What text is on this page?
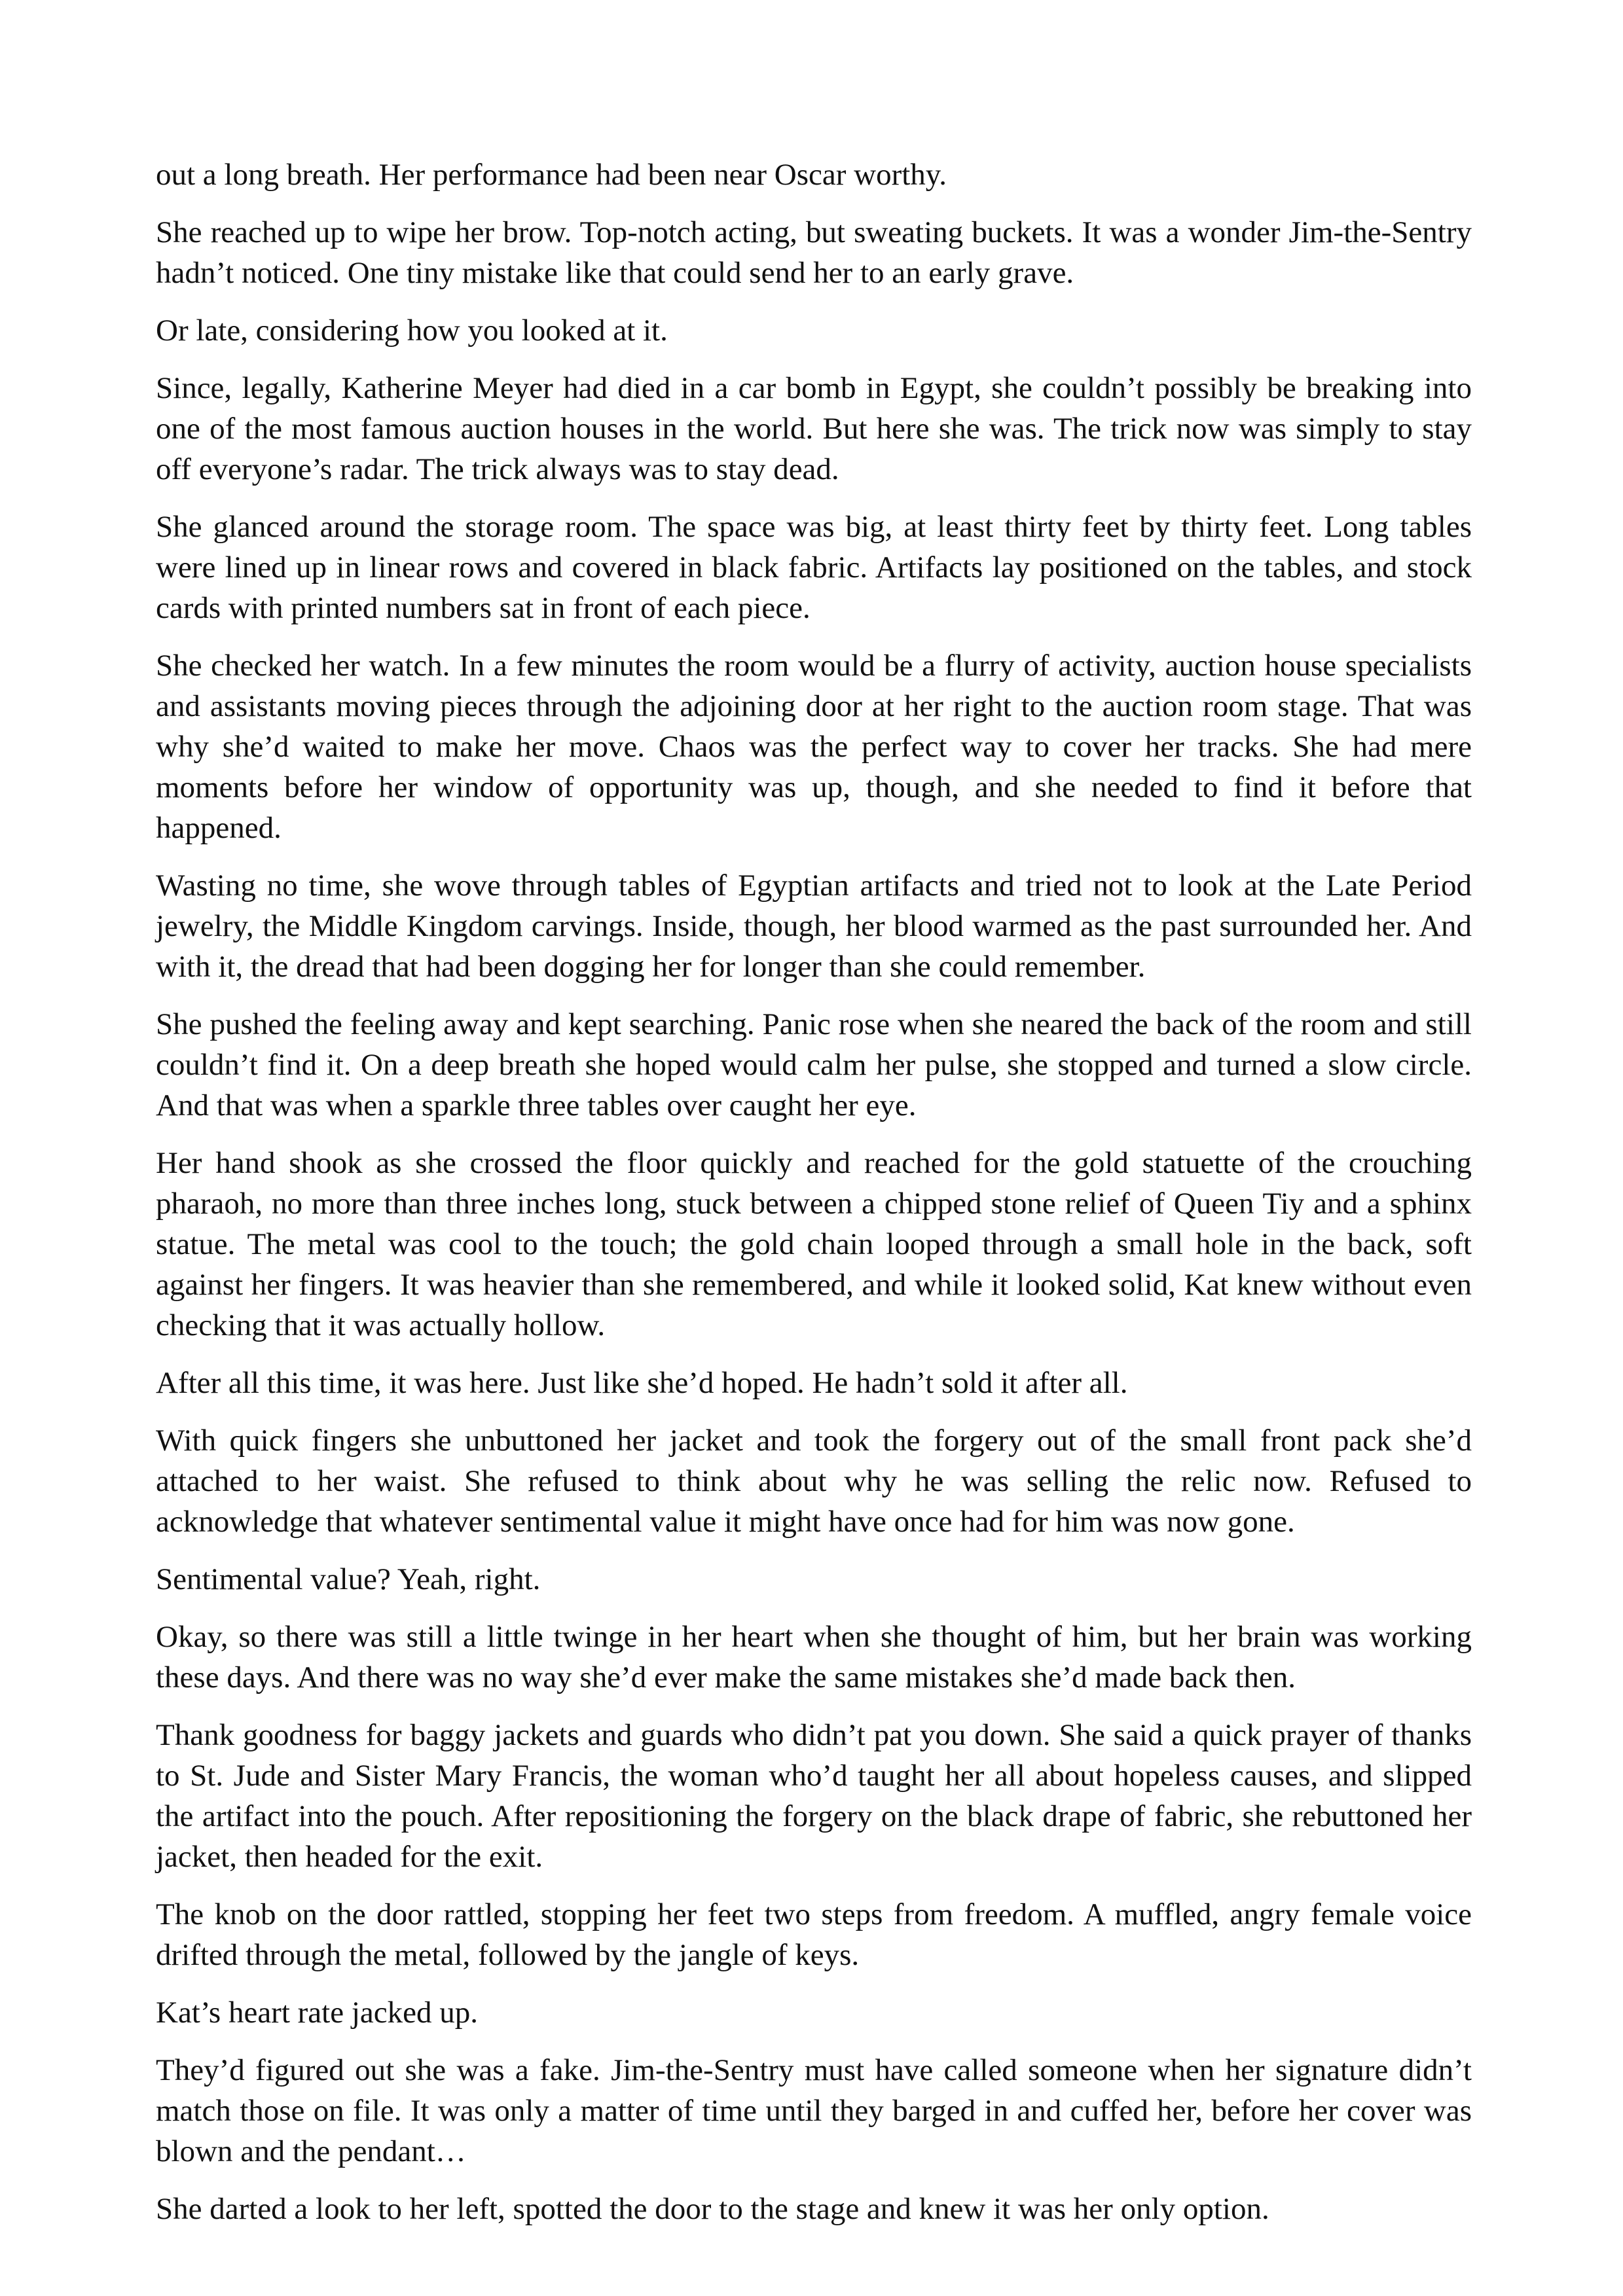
out a long breath. Her performance had been near Oscar worthy.

She reached up to wipe her brow. Top-notch acting, but sweating buckets. It was a wonder Jim-the-Sentry hadn’t noticed. One tiny mistake like that could send her to an early grave.

Or late, considering how you looked at it.

Since, legally, Katherine Meyer had died in a car bomb in Egypt, she couldn’t possibly be breaking into one of the most famous auction houses in the world. But here she was. The trick now was simply to stay off everyone’s radar. The trick always was to stay dead.

She glanced around the storage room. The space was big, at least thirty feet by thirty feet. Long tables were lined up in linear rows and covered in black fabric. Artifacts lay positioned on the tables, and stock cards with printed numbers sat in front of each piece.

She checked her watch. In a few minutes the room would be a flurry of activity, auction house specialists and assistants moving pieces through the adjoining door at her right to the auction room stage. That was why she’d waited to make her move. Chaos was the perfect way to cover her tracks. She had mere moments before her window of opportunity was up, though, and she needed to find it before that happened.

Wasting no time, she wove through tables of Egyptian artifacts and tried not to look at the Late Period jewelry, the Middle Kingdom carvings. Inside, though, her blood warmed as the past surrounded her. And with it, the dread that had been dogging her for longer than she could remember.

She pushed the feeling away and kept searching. Panic rose when she neared the back of the room and still couldn’t find it. On a deep breath she hoped would calm her pulse, she stopped and turned a slow circle. And that was when a sparkle three tables over caught her eye.

Her hand shook as she crossed the floor quickly and reached for the gold statuette of the crouching pharaoh, no more than three inches long, stuck between a chipped stone relief of Queen Tiy and a sphinx statue. The metal was cool to the touch; the gold chain looped through a small hole in the back, soft against her fingers. It was heavier than she remembered, and while it looked solid, Kat knew without even checking that it was actually hollow.

After all this time, it was here. Just like she’d hoped. He hadn’t sold it after all.

With quick fingers she unbuttoned her jacket and took the forgery out of the small front pack she’d attached to her waist. She refused to think about why he was selling the relic now. Refused to acknowledge that whatever sentimental value it might have once had for him was now gone.

Sentimental value? Yeah, right.

Okay, so there was still a little twinge in her heart when she thought of him, but her brain was working these days. And there was no way she’d ever make the same mistakes she’d made back then.

Thank goodness for baggy jackets and guards who didn’t pat you down. She said a quick prayer of thanks to St. Jude and Sister Mary Francis, the woman who’d taught her all about hopeless causes, and slipped the artifact into the pouch. After repositioning the forgery on the black drape of fabric, she rebuttoned her jacket, then headed for the exit.

The knob on the door rattled, stopping her feet two steps from freedom. A muffled, angry female voice drifted through the metal, followed by the jangle of keys.

Kat’s heart rate jacked up.

They’d figured out she was a fake. Jim-the-Sentry must have called someone when her signature didn’t match those on file. It was only a matter of time until they barged in and cuffed her, before her cover was blown and the pendant…

She darted a look to her left, spotted the door to the stage and knew it was her only option.
